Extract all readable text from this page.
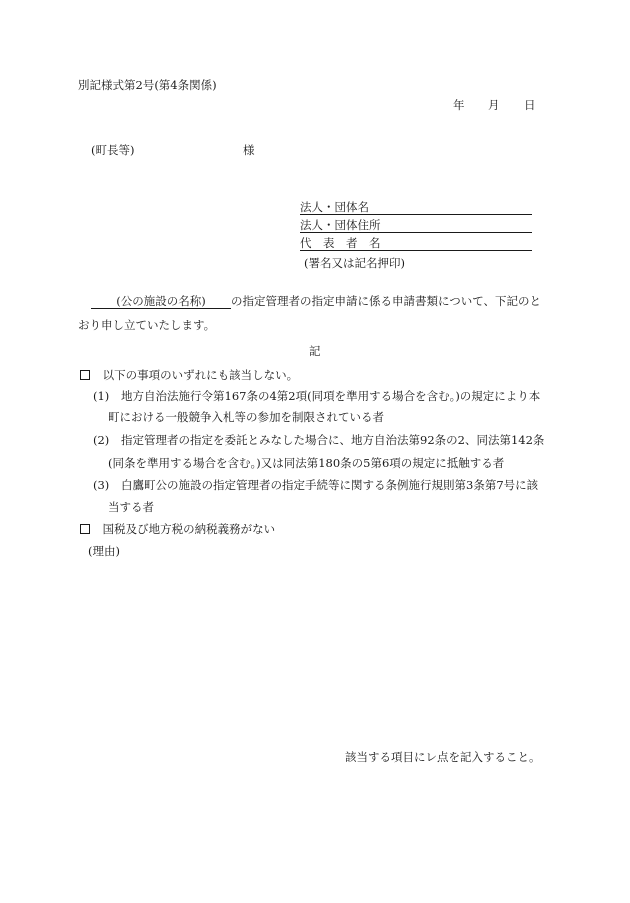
別記様式第2号(第4条関係)
年 月 日
(町長等)	様
法人・団体名
法人・団体住所
代　表　者　名
(署名又は記名押印)
(公の施設の名称) の指定管理者の指定申請に係る申請書類について、下記のと
おり申し立ていたします。
記
以下の事項のいずれにも該当しない。
(1) 地方自治法施行令第167条の4第2項(同項を準用する場合を含む。)の規定により本
町における一般競争入札等の参加を制限されている者
(2) 指定管理者の指定を委託とみなした場合に、地方自治法第92条の2、同法第142条
(同条を準用する場合を含む。)又は同法第180条の5第6項の規定に抵触する者
(3) 白鷹町公の施設の指定管理者の指定手続等に関する条例施行規則第3条第7号に該
当する者
国税及び地方税の納税義務がない
(理由)
該当する項目にレ点を記入すること。
